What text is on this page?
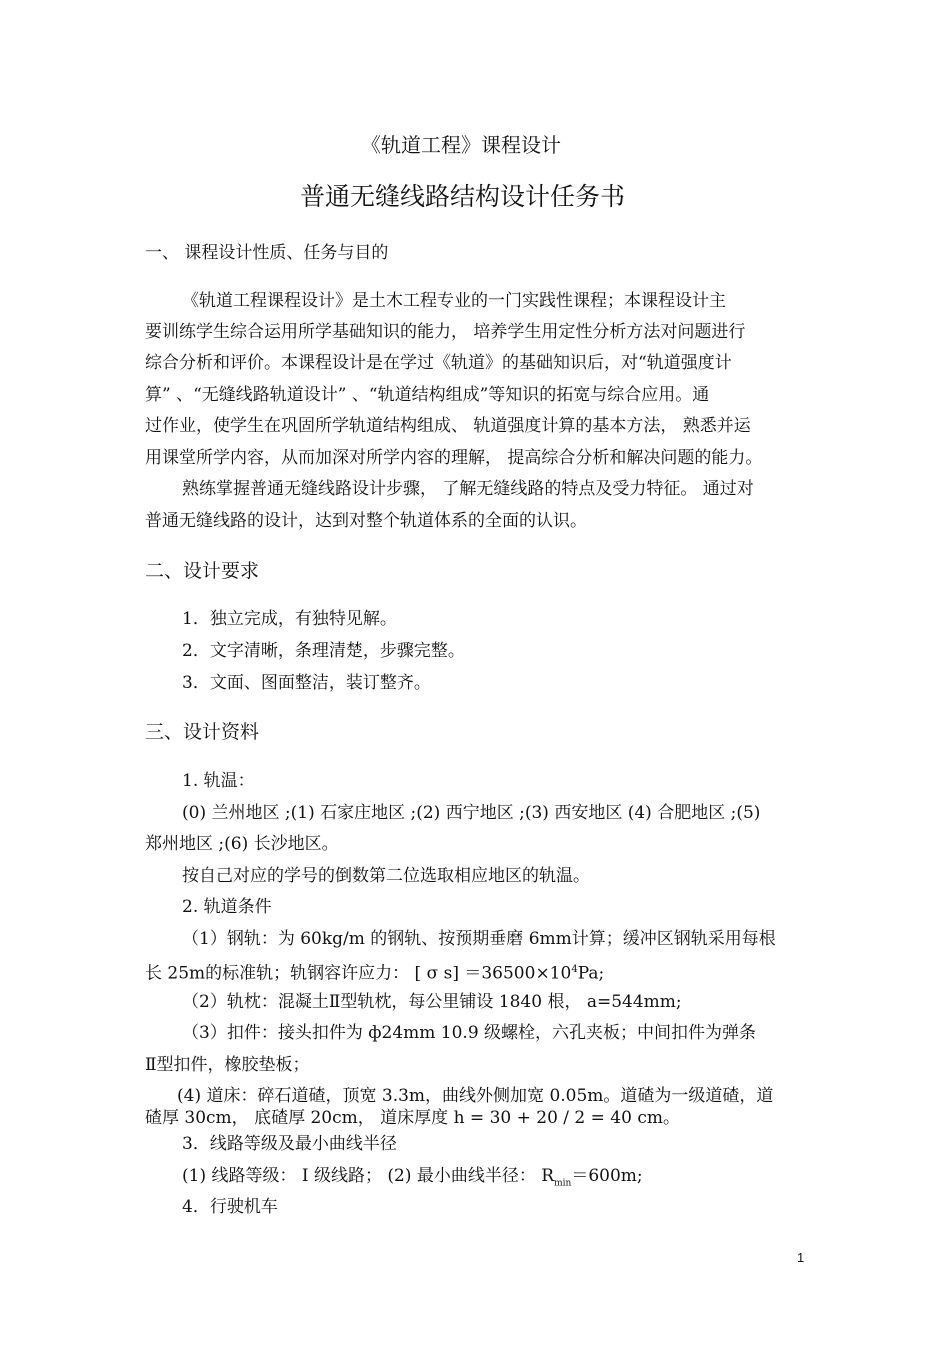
《轨道工程》课程设计
普通无缝线路结构设计任务书
一、 课程设计性质、任务与目的
《轨道工程课程设计》是土木工程专业的一门实践性课程；本课程设计主
要训练学生综合运用所学基础知识的能力， 培养学生用定性分析方法对问题进行
综合分析和评价。本课程设计是在学过《轨道》的基础知识后，对“轨道强度计
算” 、“无缝线路轨道设计” 、“轨道结构组成”等知识的拓宽与综合应用。通
过作业，使学生在巩固所学轨道结构组成、 轨道强度计算的基本方法， 熟悉并运
用课堂所学内容，从而加深对所学内容的理解， 提高综合分析和解决问题的能力。
熟练掌握普通无缝线路设计步骤， 了解无缝线路的特点及受力特征。 通过对
普通无缝线路的设计，达到对整个轨道体系的全面的认识。
二、设计要求
1．独立完成，有独特见解。
2．文字清晰，条理清楚，步骤完整。
3．文面、图面整洁，装订整齐。
三、设计资料
1. 轨温：
(0) 兰州地区 ;(1) 石家庄地区 ;(2) 西宁地区 ;(3) 西安地区 (4) 合肥地区 ;(5)
郑州地区 ;(6) 长沙地区。
按自己对应的学号的倒数第二位选取相应地区的轨温。
2. 轨道条件
（1）钢轨：为 60kg/m 的钢轨、按预期垂磨 6mm计算；缓冲区钢轨采用每根
长 25m的标准轨；轨钢容许应力： [ σ $s] =36500\times 10^4Pa$;
（2）轨枕：混凝土Ⅱ型轨枕，每公里铺设 1840 根， a=544mm;
（3）扣件：接头扣件为 ф24mm 10.9 级螺栓，六孔夹板；中间扣件为弹条
Ⅱ型扣件，橡胶垫板；
(4) 道床：碎石道碴，顶宽 3.3m，曲线外侧加宽 0.05m。道碴为一级道碴，道
碴厚 30cm， 底碴厚 20cm， 道床厚度 h = 30 + 20 / 2 = 40 cm。
3．线路等级及最小曲线半径
(1) 线路等级： Ⅰ 级线路； (2) 最小曲线半径： $R_{min}=600m$;
4．行驶机车
1
